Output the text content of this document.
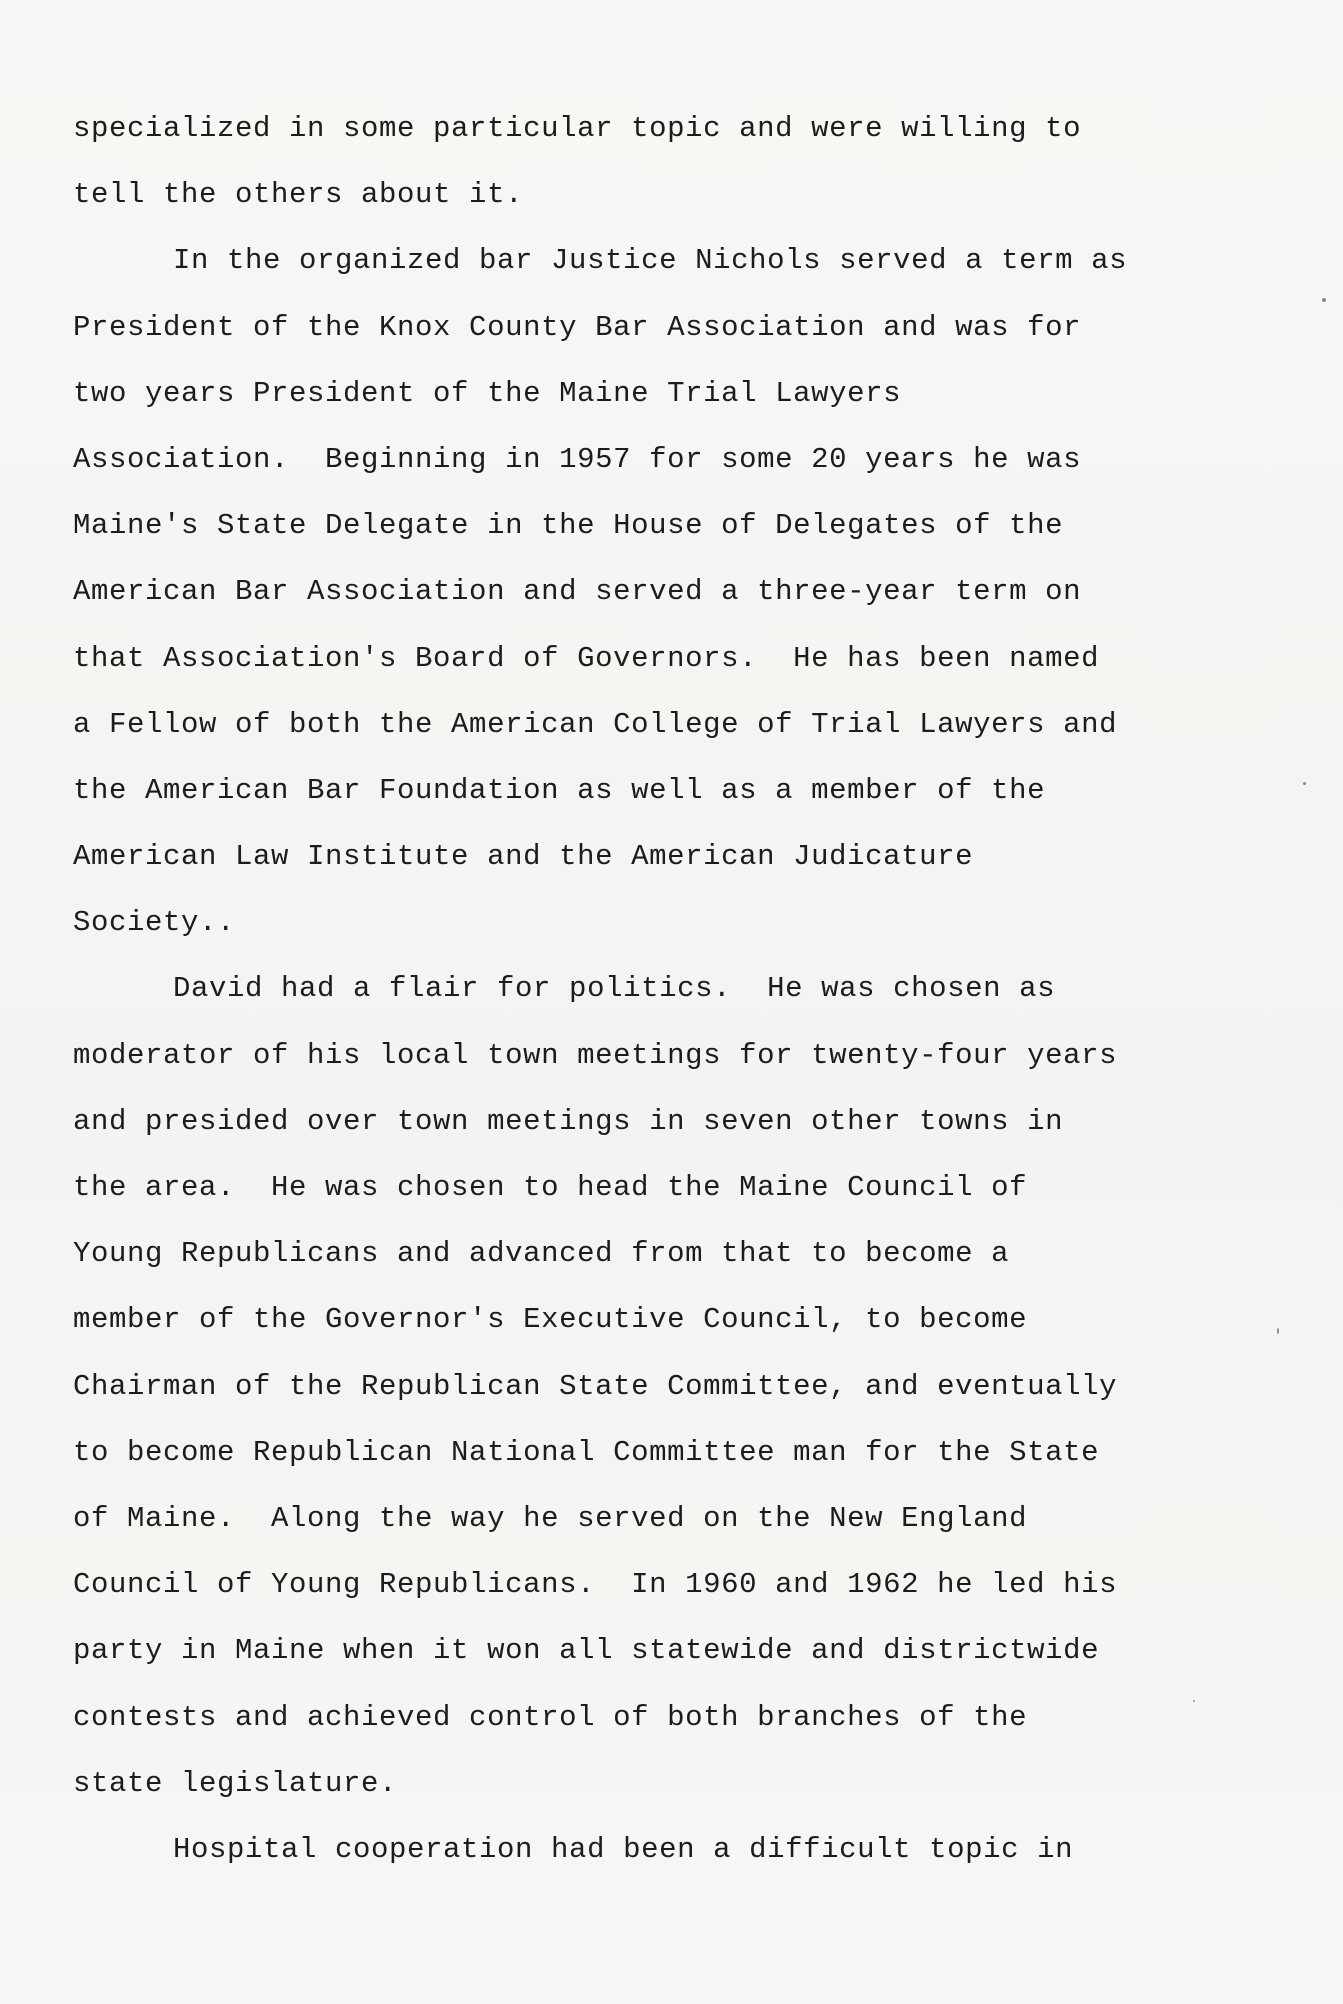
specialized in some particular topic and were willing to
tell the others about it.
In the organized bar Justice Nichols served a term as
President of the Knox County Bar Association and was for
two years President of the Maine Trial Lawyers
Association.  Beginning in 1957 for some 20 years he was
Maine's State Delegate in the House of Delegates of the
American Bar Association and served a three-year term on
that Association's Board of Governors.  He has been named
a Fellow of both the American College of Trial Lawyers and
the American Bar Foundation as well as a member of the
American Law Institute and the American Judicature
Society..
David had a flair for politics.  He was chosen as
moderator of his local town meetings for twenty-four years
and presided over town meetings in seven other towns in
the area.  He was chosen to head the Maine Council of
Young Republicans and advanced from that to become a
member of the Governor's Executive Council, to become
Chairman of the Republican State Committee, and eventually
to become Republican National Committee man for the State
of Maine.  Along the way he served on the New England
Council of Young Republicans.  In 1960 and 1962 he led his
party in Maine when it won all statewide and districtwide
contests and achieved control of both branches of the
state legislature.
Hospital cooperation had been a difficult topic in
